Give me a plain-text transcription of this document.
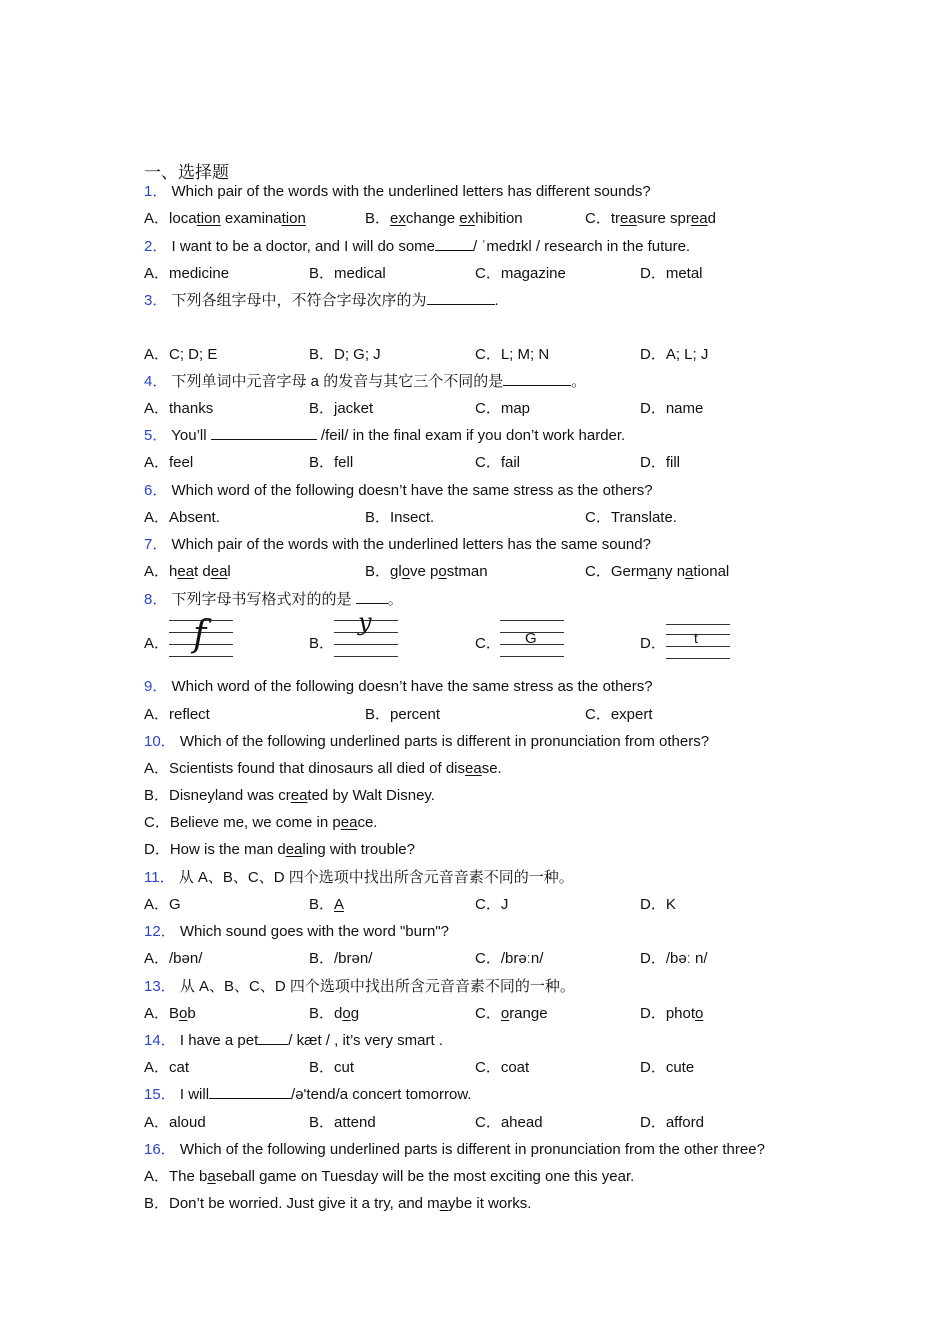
一、选择题
1． Which pair of the words with the underlined letters has different sounds?
A．location examination	B．exchange exhibition	C．treasure spread
2． I want to be a doctor, and I will do some	/ ˈmedɪkl / research in the future.
A．medicine	B．medical	C．magazine	D．metal
3． 下列各组字母中，不符合字母次序的为	.
A．C; D; E	B．D; G; J	C．L; M; N	D．A; L; J
4． 下列单词中元音字母 a 的发音与其它三个不同的是	。
A．thanks	B．jacket	C．map	D．name
5． You’ll	/feil/ in the final exam if you don’t work harder.
A．feel	B．fell	C．fail	D．fill
6． Which word of the following doesn’t have the same stress as the others?
A．Absent.	B．Insect.	C．Translate.
7． Which pair of the words with the underlined letters has the same sound?
A．heat deal	B．glove postman	C．Germany national
8． 下列字母书写格式对的的是 。
A． f	B．
y
C． G	D． t
9． Which word of the following doesn’t have the same stress as the others?
A．reflect	B．percent	C．expert
10． Which of the following underlined parts is different in pronunciation from others?
A．Scientists found that dinosaurs all died of disease.
B．Disneyland was created by Walt Disney.
C．Believe me, we come in peace.
D．How is the man dealing with trouble?
11． 从 A、B、C、D 四个选项中找出所含元音音素不同的一种。
A．G	B．A	C．J	D．K
12． Which sound goes with the word "burn"?
A．/bən/	B．/brən/	C．/brəːn/	D．/bəː n/
13． 从 A、B、C、D 四个选项中找出所含元音音素不同的一种。
A．Bob	B．dog	C．orange	D．photo
14． I have a pet / kæt / , it’s very smart .
A．cat	B．cut	C．coat	D．cute
15． I will	/ə'tend/a concert tomorrow.
A．aloud	B．attend	C．ahead	D．afford
16． Which of the following underlined parts is different in pronunciation from the other three?
A．The baseball game on Tuesday will be the most exciting one this year.
B．Don’t be worried. Just give it a try, and maybe it works.
